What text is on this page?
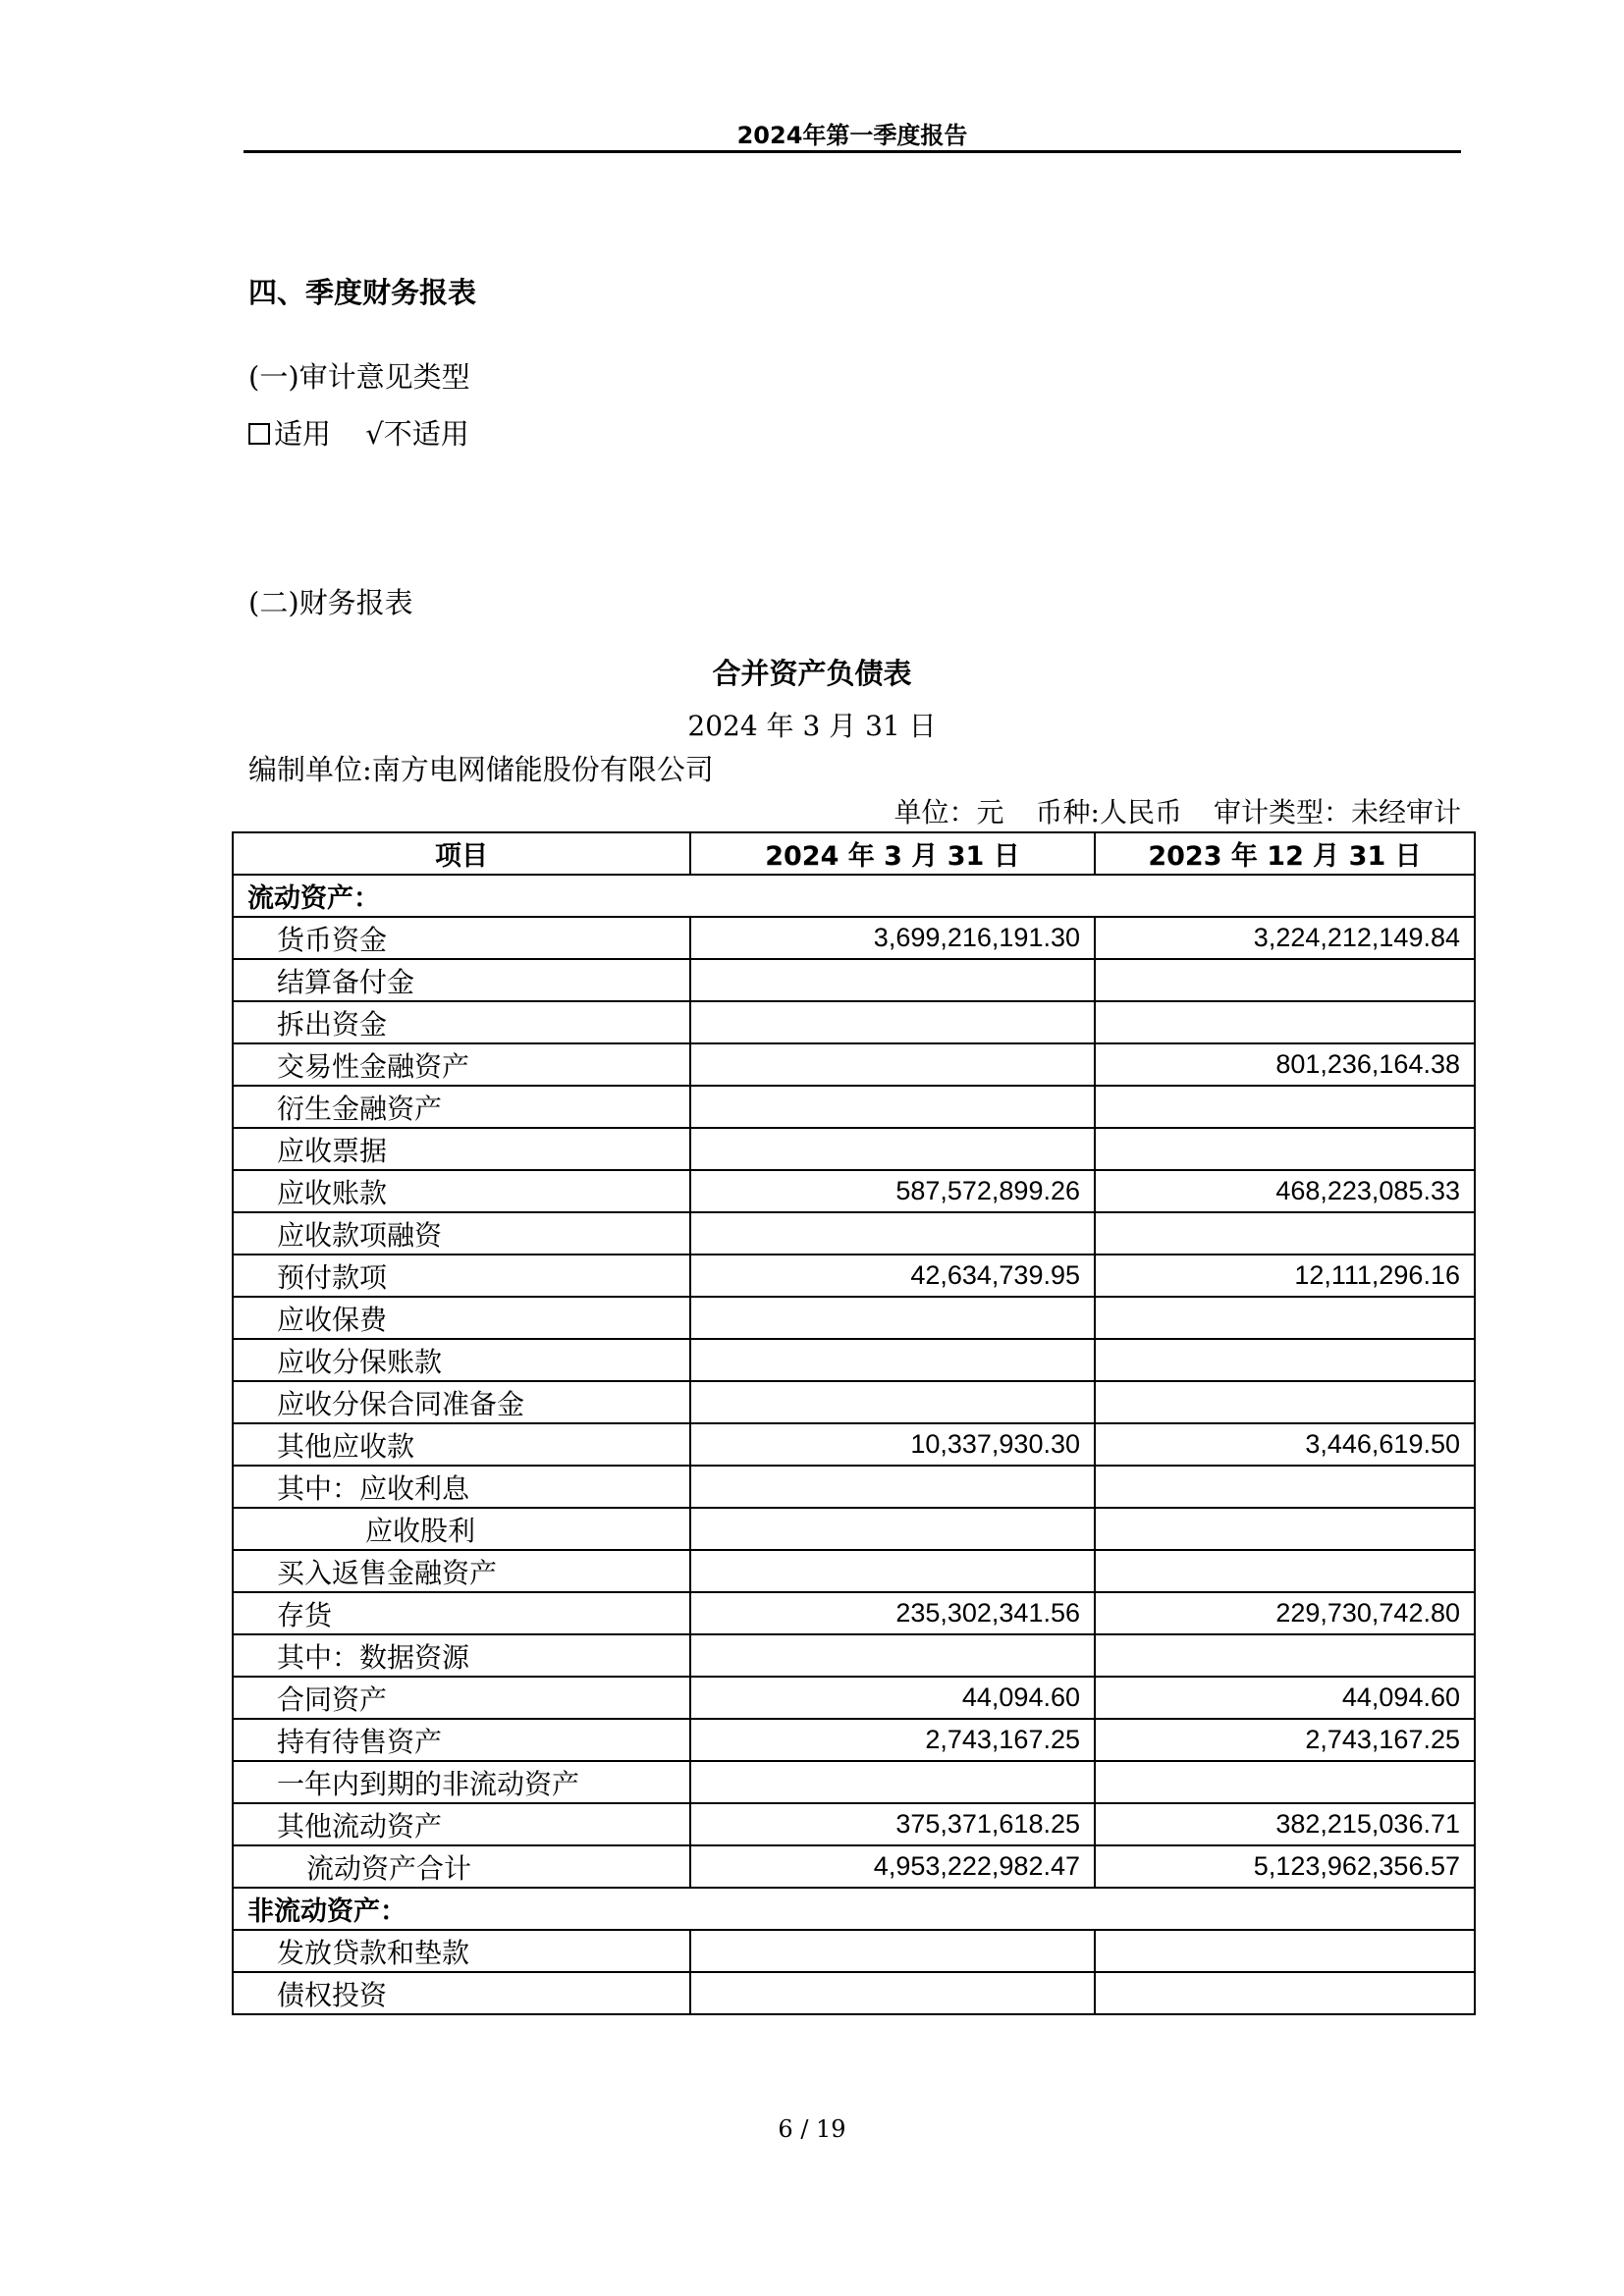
2024年第一季度报告
四、季度财务报表
(一)审计意见类型
适用 √不适用
(二)财务报表
合并资产负债表
2024 年 3 月 31 日
编制单位:南方电网储能股份有限公司
单位：元 币种:人民币 审计类型：未经审计
项目	2024 年 3 月 31 日	2023 年 12 月 31 日
流动资产：		
货币资金	3,699,216,191.30	3,224,212,149.84
结算备付金		
拆出资金		
交易性金融资产		801,236,164.38
衍生金融资产		
应收票据		
应收账款	587,572,899.26	468,223,085.33
应收款项融资		
预付款项	42,634,739.95	12,111,296.16
应收保费		
应收分保账款		
应收分保合同准备金		
其他应收款	10,337,930.30	3,446,619.50
其中：应收利息		
应收股利		
买入返售金融资产		
存货	235,302,341.56	229,730,742.80
其中：数据资源		
合同资产	44,094.60	44,094.60
持有待售资产	2,743,167.25	2,743,167.25
一年内到期的非流动资产		
其他流动资产	375,371,618.25	382,215,036.71
流动资产合计	4,953,222,982.47	5,123,962,356.57
非流动资产：		
发放贷款和垫款		
债权投资		
6 / 19
